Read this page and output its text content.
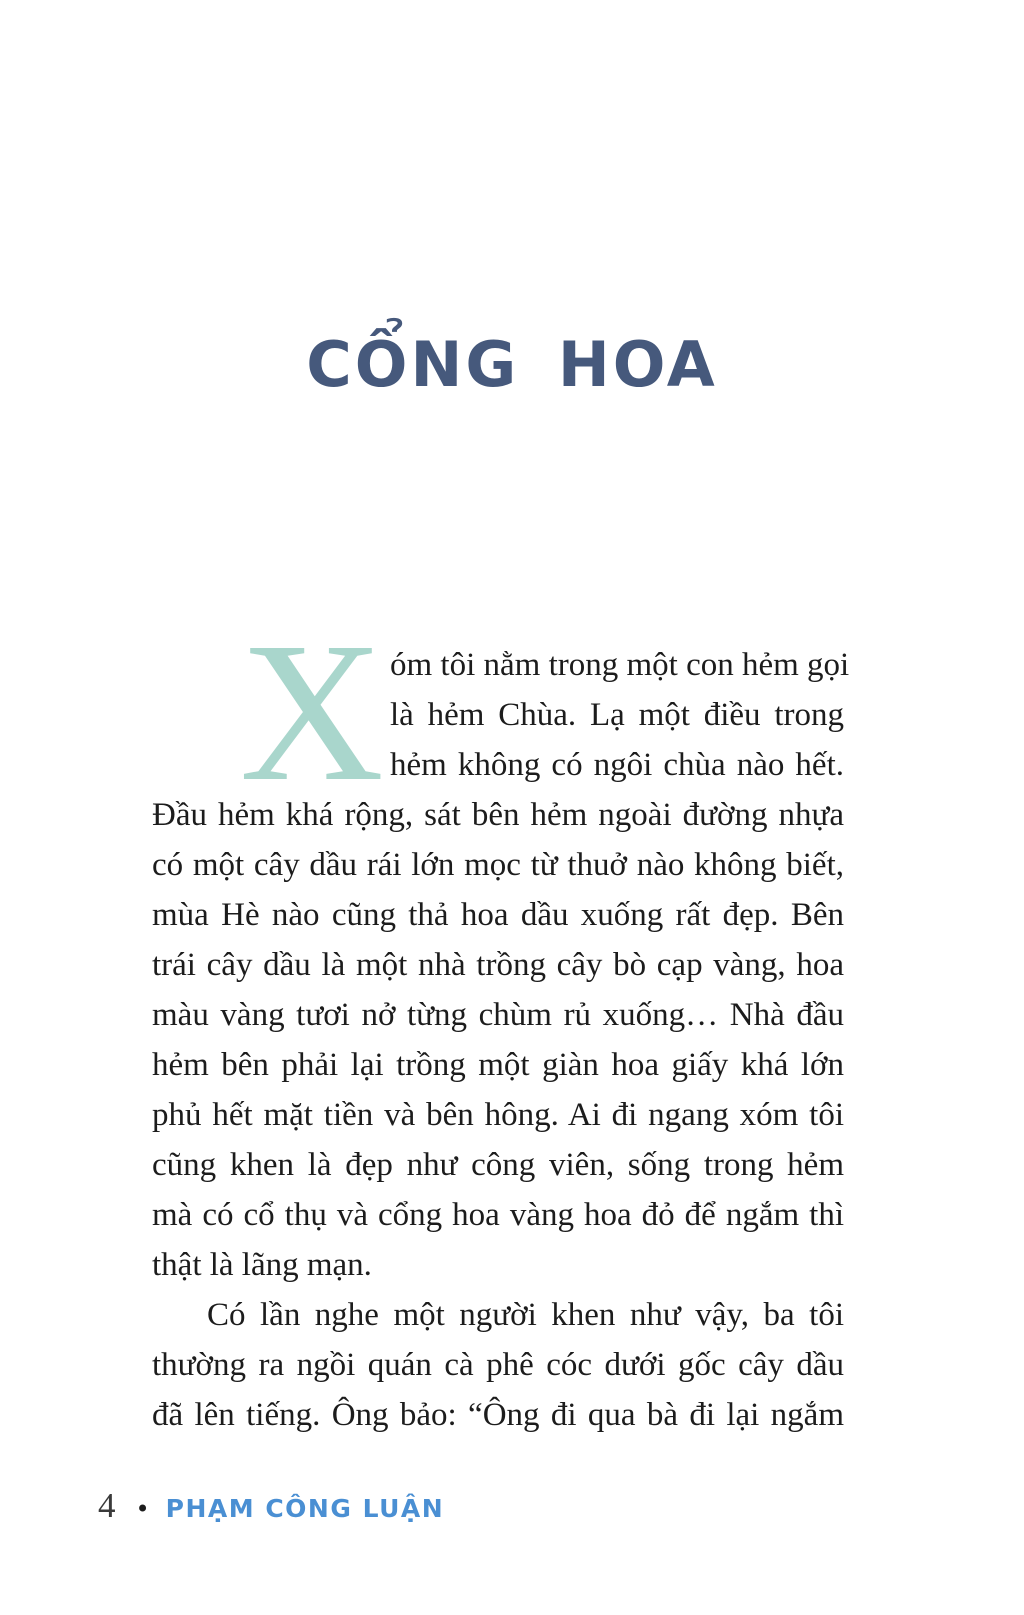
CỔNG HOA
X óm tôi nằm trong một con hẻm gọi
là hẻm Chùa. Lạ một điều trong
hẻm không có ngôi chùa nào hết.
Đầu hẻm khá rộng, sát bên hẻm ngoài đường nhựa
có một cây dầu rái lớn mọc từ thuở nào không biết,
mùa Hè nào cũng thả hoa dầu xuống rất đẹp. Bên
trái cây dầu là một nhà trồng cây bò cạp vàng, hoa
màu vàng tươi nở từng chùm rủ xuống… Nhà đầu
hẻm bên phải lại trồng một giàn hoa giấy khá lớn
phủ hết mặt tiền và bên hông. Ai đi ngang xóm tôi
cũng khen là đẹp như công viên, sống trong hẻm
mà có cổ thụ và cổng hoa vàng hoa đỏ để ngắm thì
thật là lãng mạn.
Có lần nghe một người khen như vậy, ba tôi
thường ra ngồi quán cà phê cóc dưới gốc cây dầu
đã lên tiếng. Ông bảo: “Ông đi qua bà đi lại ngắm
4 • PHẠM CÔNG LUẬN
